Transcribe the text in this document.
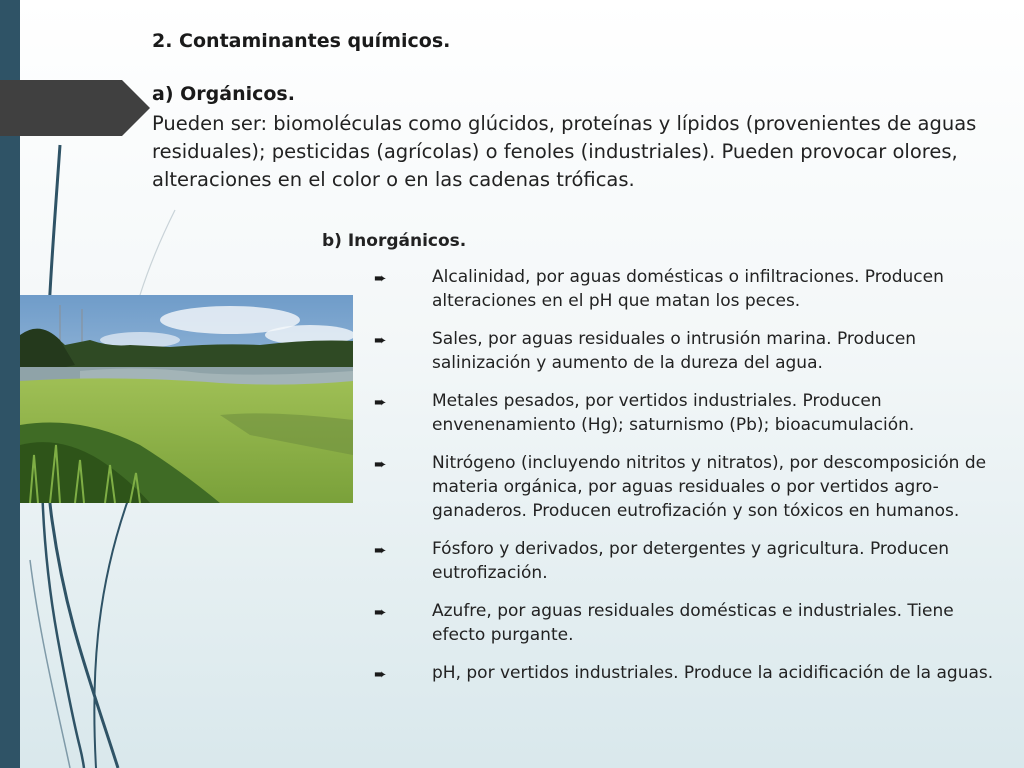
2. Contaminantes químicos.
a) Orgánicos.
Pueden ser: biomoléculas como glúcidos, proteínas y lípidos (provenientes de aguas residuales); pesticidas (agrícolas) o fenoles (industriales). Pueden provocar olores, alteraciones en el color o en las cadenas tróficas.
b) Inorgánicos.
➨	Alcalinidad, por aguas domésticas o infiltraciones. Producen alteraciones en el pH que matan los peces.
➨	Sales, por aguas residuales o intrusión marina. Producen salinización y aumento de la dureza del agua.
➨	Metales pesados, por vertidos industriales. Producen envenenamiento (Hg); saturnismo (Pb); bioacumulación.
➨	Nitrógeno (incluyendo nitritos y nitratos), por descomposición de materia orgánica, por aguas residuales o por vertidos agro-ganaderos. Producen eutrofización y son tóxicos en humanos.
➨	Fósforo y derivados, por detergentes y agricultura. Producen eutrofización.
➨	Azufre, por aguas residuales domésticas e industriales. Tiene efecto purgante.
➨	pH, por vertidos industriales. Produce la acidificación de la aguas.
